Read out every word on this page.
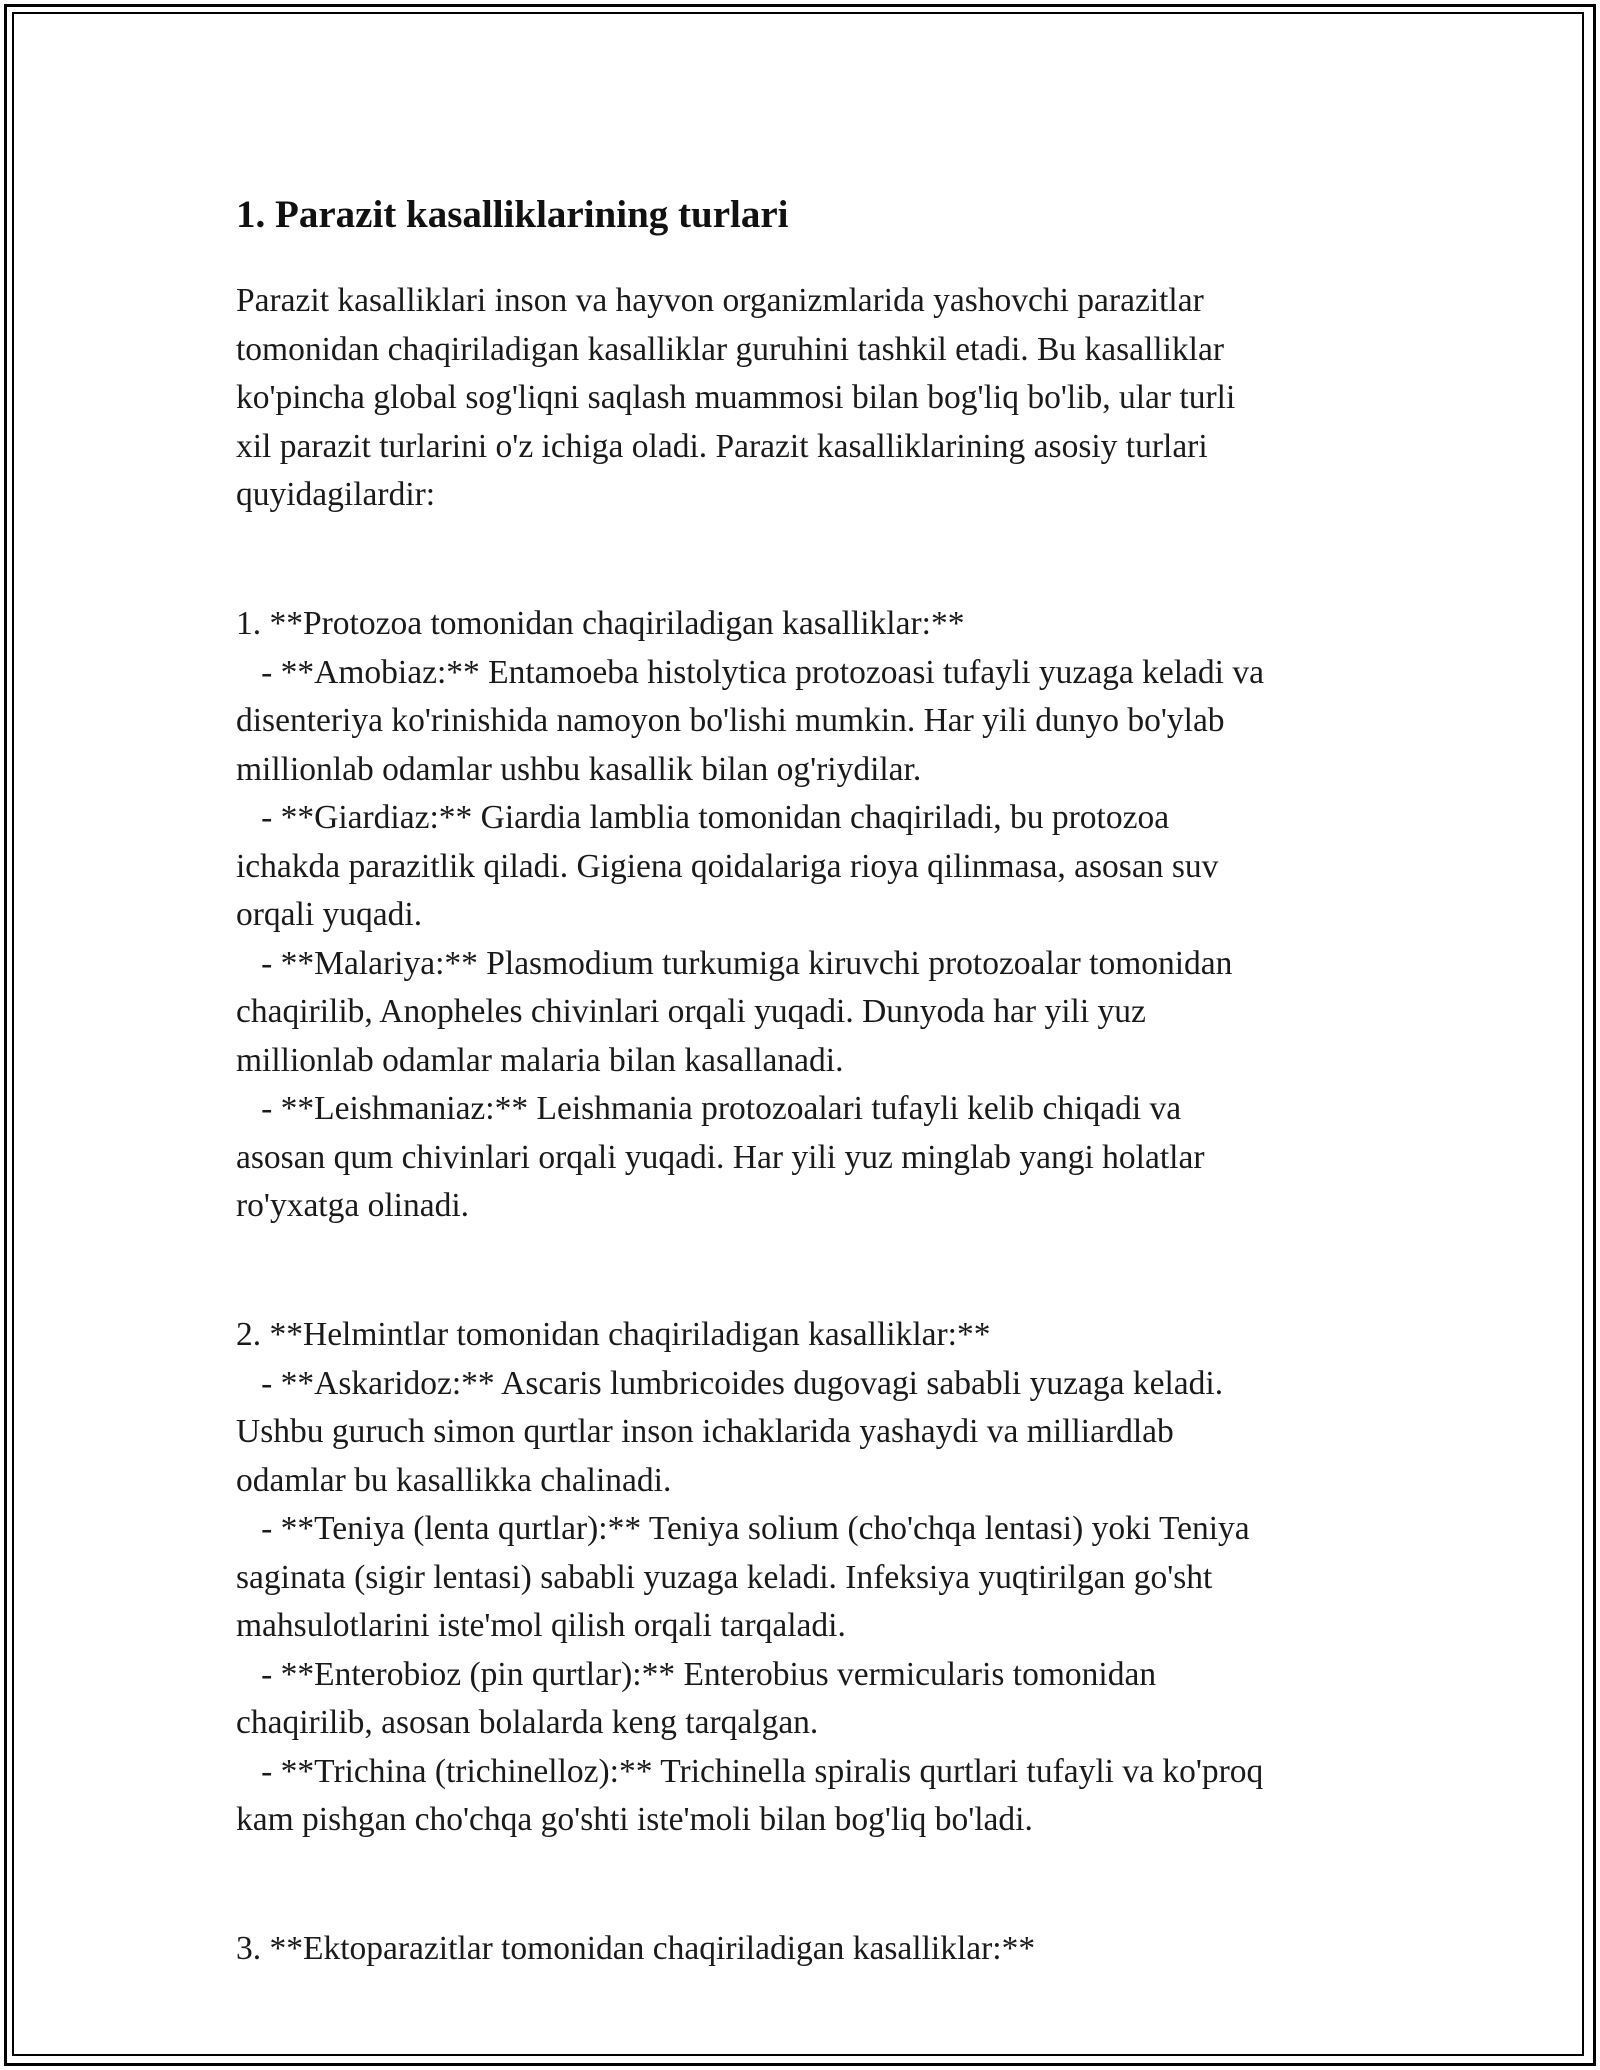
1. Parazit kasalliklarining turlari

Parazit kasalliklari inson va hayvon organizmlarida yashovchi parazitlar

tomonidan chaqiriladigan kasalliklar guruhini tashkil etadi. Bu kasalliklar

ko'pincha global sog'liqni saqlash muammosi bilan bog'liq bo'lib, ular turli

xil parazit turlarini o'z ichiga oladi. Parazit kasalliklarining asosiy turlari

quyidagilardir:

1. **Protozoa tomonidan chaqiriladigan kasalliklar:**

- **Amobiaz:** Entamoeba histolytica protozoasi tufayli yuzaga keladi va

disenteriya ko'rinishida namoyon bo'lishi mumkin. Har yili dunyo bo'ylab

millionlab odamlar ushbu kasallik bilan og'riydilar.

- **Giardiaz:** Giardia lamblia tomonidan chaqiriladi, bu protozoa

ichakda parazitlik qiladi. Gigiena qoidalariga rioya qilinmasa, asosan suv

orqali yuqadi.

- **Malariya:** Plasmodium turkumiga kiruvchi protozoalar tomonidan

chaqirilib, Anopheles chivinlari orqali yuqadi. Dunyoda har yili yuz

millionlab odamlar malaria bilan kasallanadi.

- **Leishmaniaz:** Leishmania protozoalari tufayli kelib chiqadi va

asosan qum chivinlari orqali yuqadi. Har yili yuz minglab yangi holatlar

ro'yxatga olinadi.

2. **Helmintlar tomonidan chaqiriladigan kasalliklar:**

- **Askaridoz:** Ascaris lumbricoides dugovagi sababli yuzaga keladi.

Ushbu guruch simon qurtlar inson ichaklarida yashaydi va milliardlab

odamlar bu kasallikka chalinadi.

- **Teniya (lenta qurtlar):** Teniya solium (cho'chqa lentasi) yoki Teniya

saginata (sigir lentasi) sababli yuzaga keladi. Infeksiya yuqtirilgan go'sht

mahsulotlarini iste'mol qilish orqali tarqaladi.

- **Enterobioz (pin qurtlar):** Enterobius vermicularis tomonidan

chaqirilib, asosan bolalarda keng tarqalgan.

- **Trichina (trichinelloz):** Trichinella spiralis qurtlari tufayli va ko'proq

kam pishgan cho'chqa go'shti iste'moli bilan bog'liq bo'ladi.

3. **Ektoparazitlar tomonidan chaqiriladigan kasalliklar:**
